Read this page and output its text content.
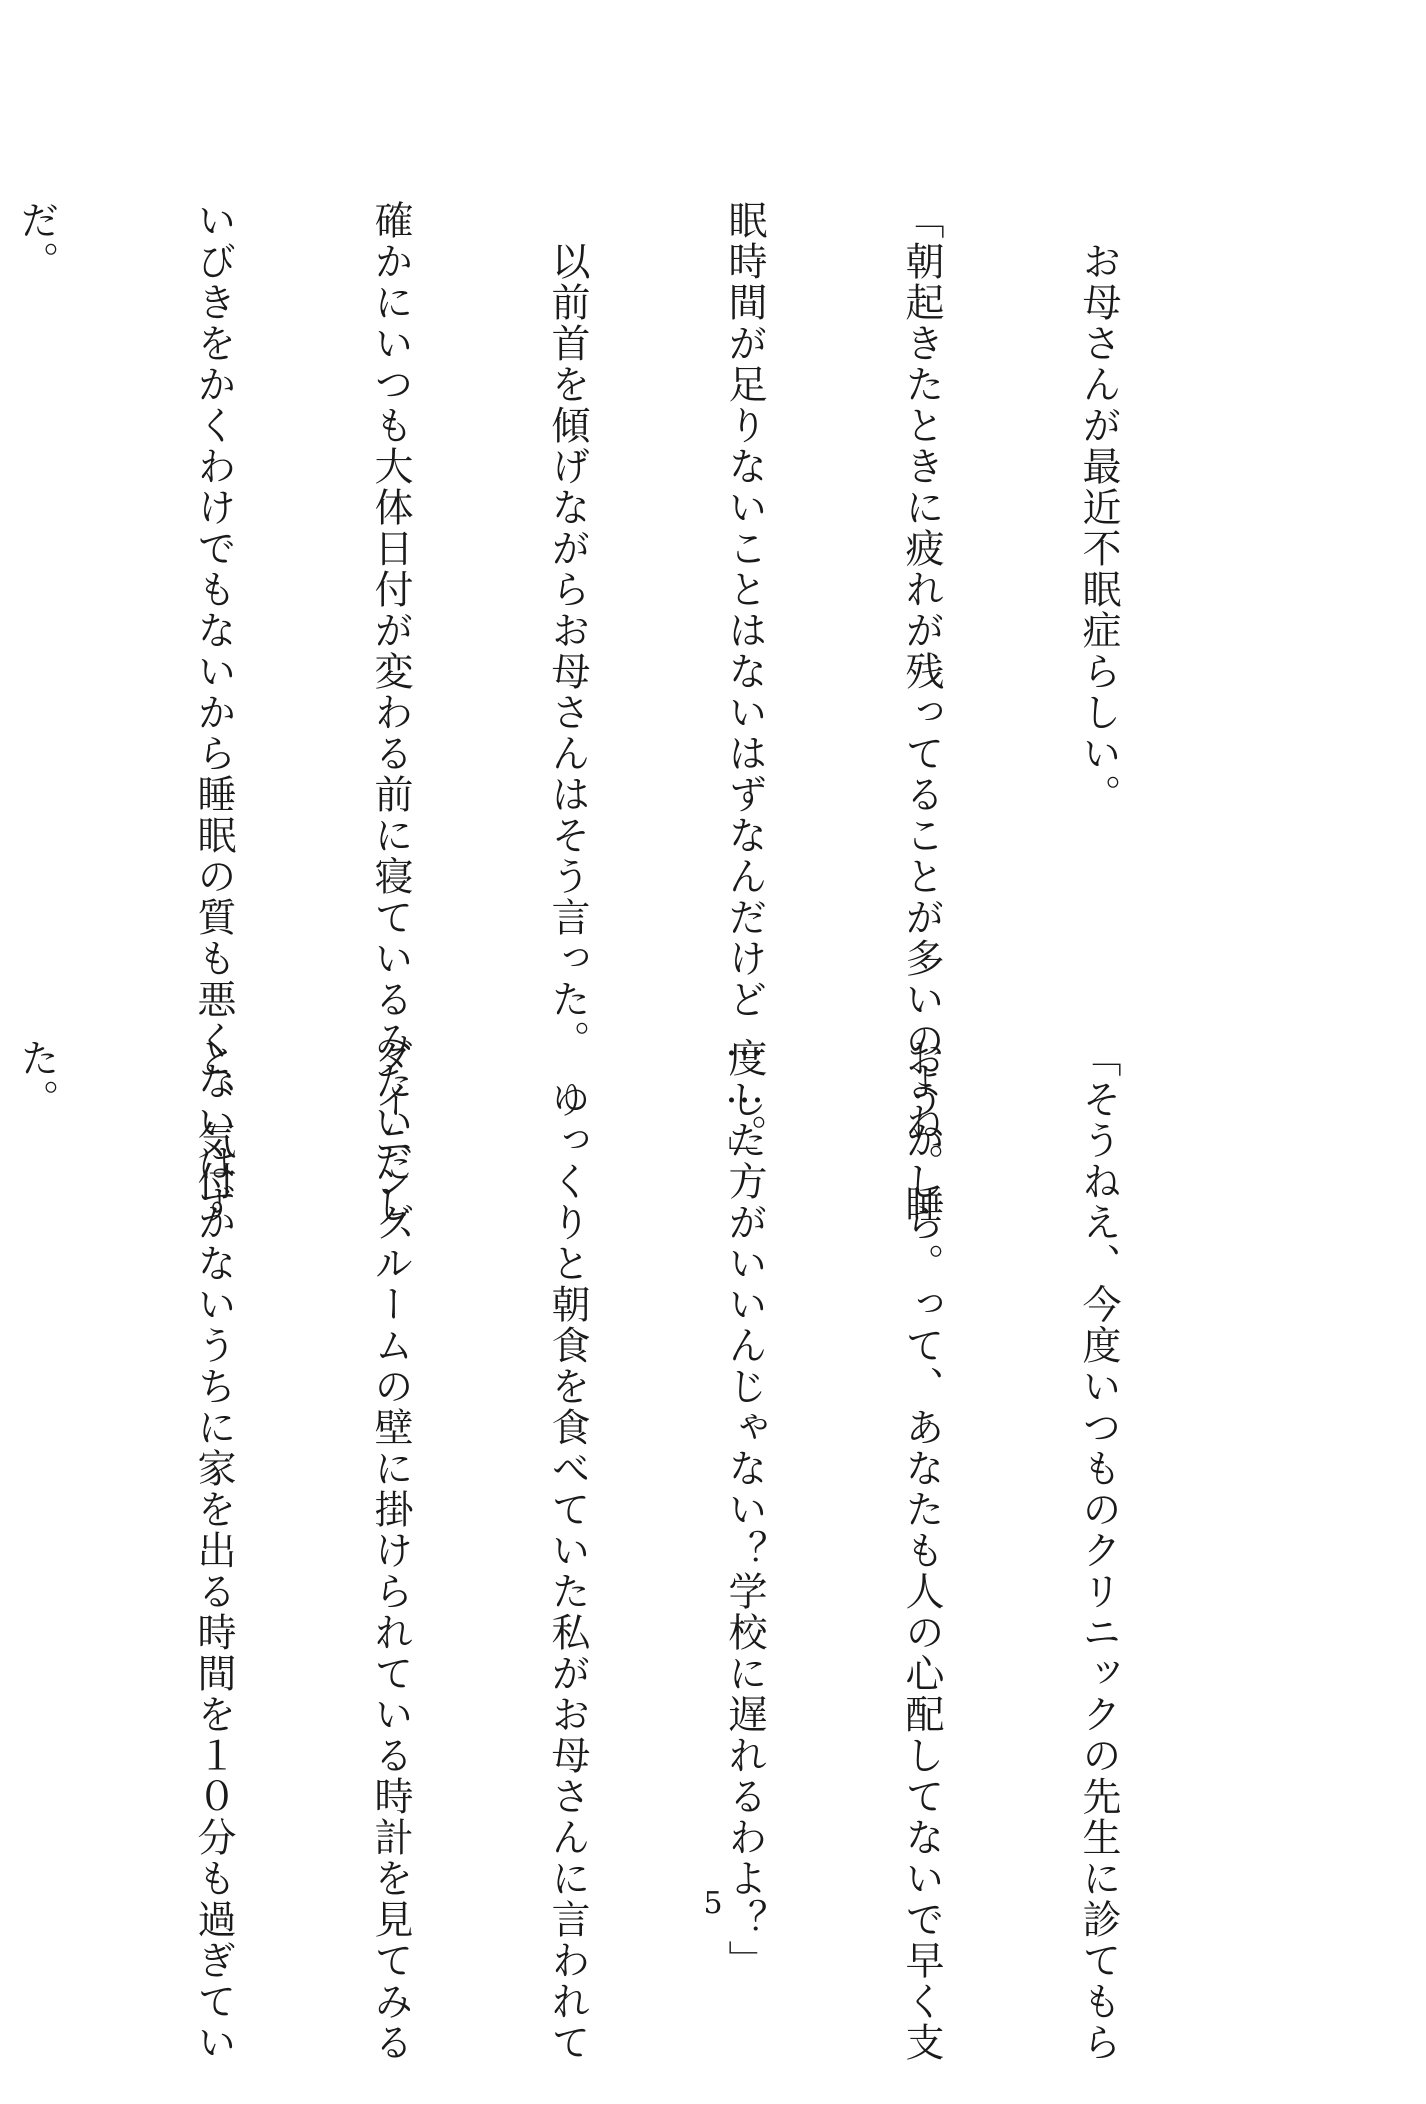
　お母さんが最近不眠症らしい。

「朝起きたときに疲れが残ってることが多いのよね。睡

眠時間が足りないことはないはずなんだけど……。」

　以前首を傾げながらお母さんはそう言った。

確かにいつも大体日付が変わる前に寝ているみたいだし、

いびきをかくわけでもないから睡眠の質も悪くないはず

だ。

「そうねえ、今度いつものクリニックの先生に診てもら

おうかしら。って、あなたも人の心配してないで早く支

度した方がいいんじゃない？学校に遅れるわよ？」

　ゆっくりと朝食を食べていた私がお母さんに言われて

ダイニングルームの壁に掛けられている時計を見てみる

と、気付かないうちに家を出る時間を１０分も過ぎてい

た。

5
